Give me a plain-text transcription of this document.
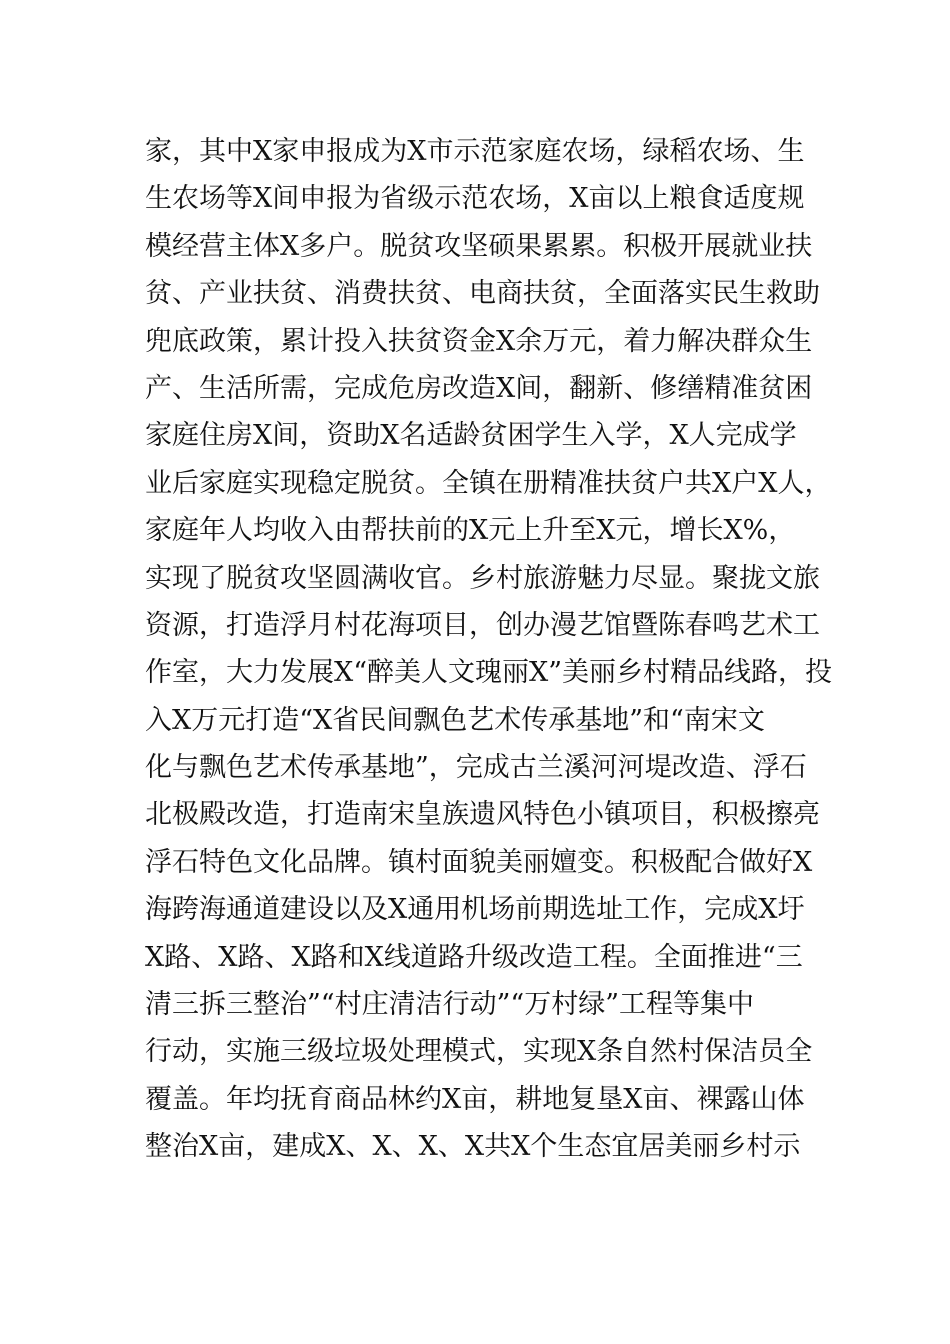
家，其中X家申报成为X市示范家庭农场，绿稻农场、生
生农场等X间申报为省级示范农场，X亩以上粮食适度规
模经营主体X多户。脱贫攻坚硕果累累。积极开展就业扶
贫、产业扶贫、消费扶贫、电商扶贫，全面落实民生救助
兜底政策，累计投入扶贫资金X余万元，着力解决群众生
产、生活所需，完成危房改造X间，翻新、修缮精准贫困
家庭住房X间，资助X名适龄贫困学生入学，X人完成学
业后家庭实现稳定脱贫。全镇在册精准扶贫户共X户X人，
家庭年人均收入由帮扶前的X元上升至X元，增长X%，
实现了脱贫攻坚圆满收官。乡村旅游魅力尽显。聚拢文旅
资源，打造浮月村花海项目，创办漫艺馆暨陈春鸣艺术工
作室，大力发展X“醉美人文瑰丽X”美丽乡村精品线路，投
入X万元打造“X省民间飘色艺术传承基地”和“南宋文
化与飘色艺术传承基地”，完成古兰溪河河堤改造、浮石
北极殿改造，打造南宋皇族遗风特色小镇项目，积极擦亮
浮石特色文化品牌。镇村面貌美丽嬗变。积极配合做好X
海跨海通道建设以及X通用机场前期选址工作，完成X圩
X路、X路、X路和X线道路升级改造工程。全面推进“三
清三拆三整治”“村庄清洁行动”“万村绿”工程等集中
行动，实施三级垃圾处理模式，实现X条自然村保洁员全
覆盖。年均抚育商品林约X亩，耕地复垦X亩、裸露山体
整治X亩，建成X、X、X、X共X个生态宜居美丽乡村示
